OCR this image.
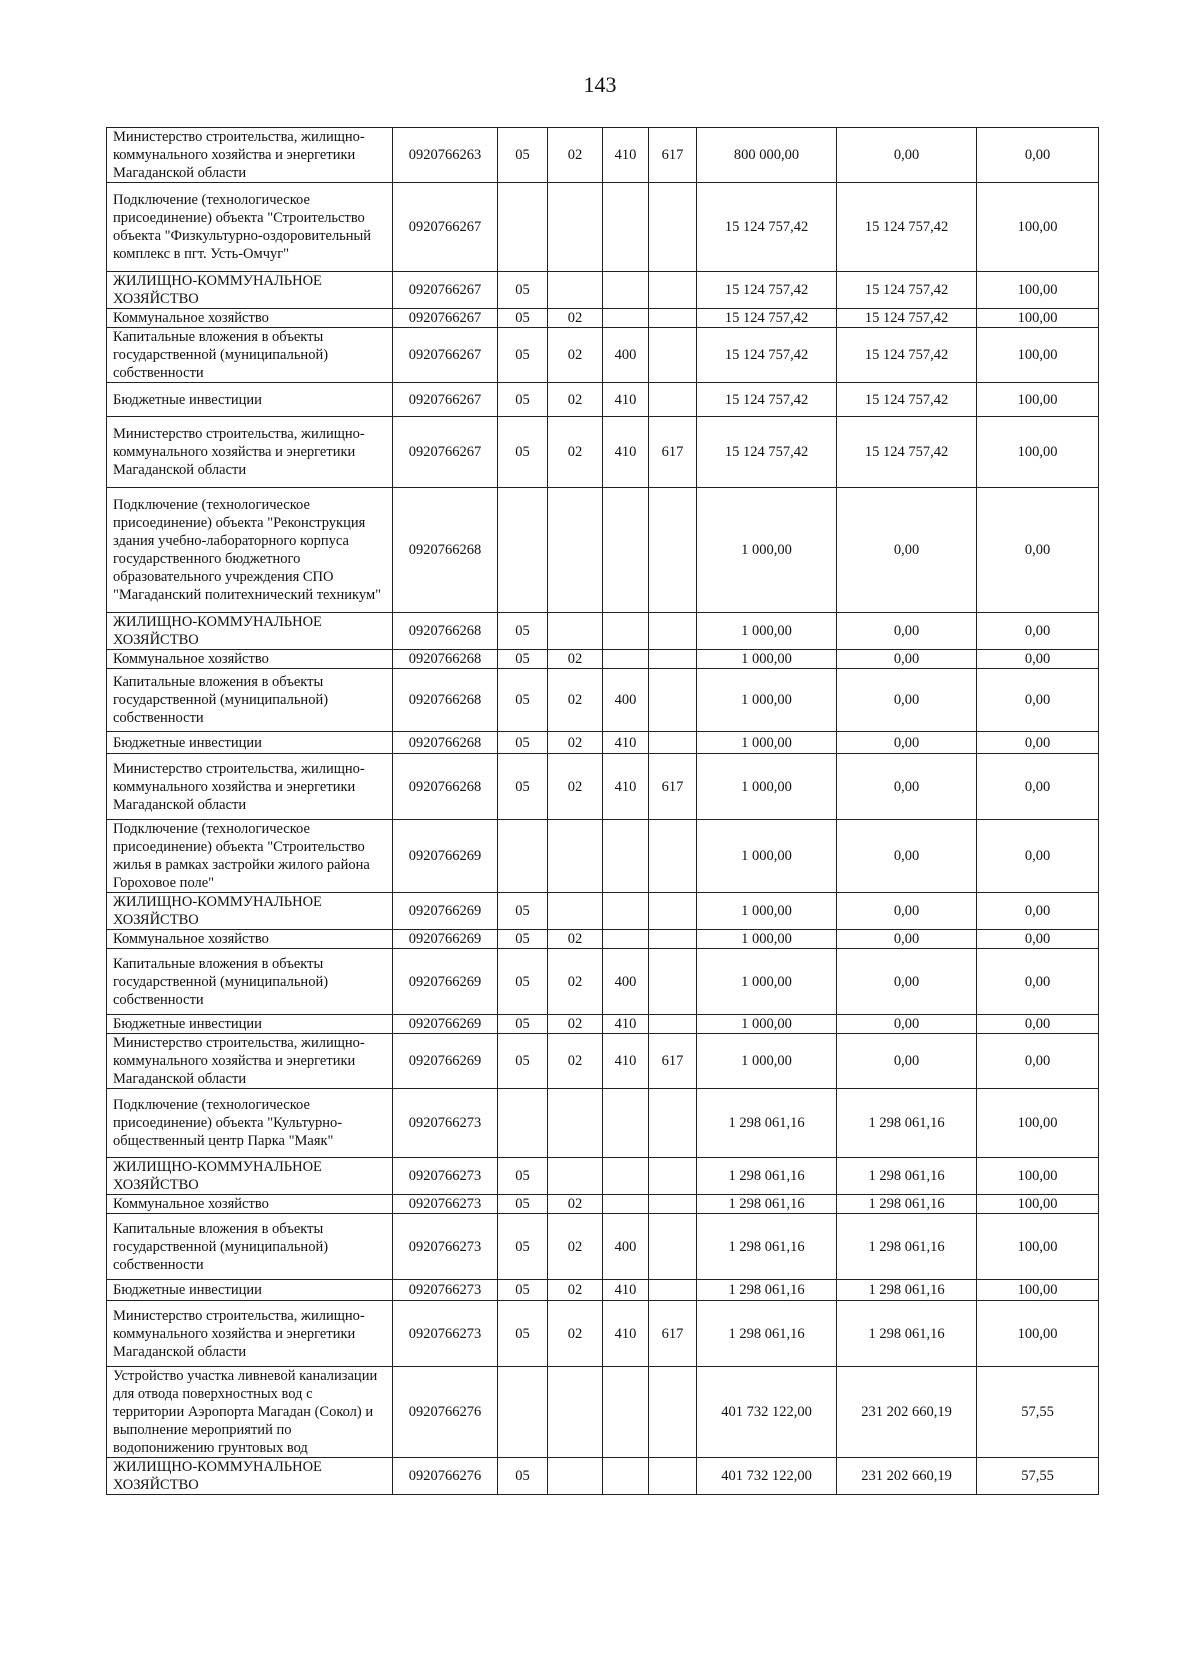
143
Министерство строительства, жилищно-коммунального хозяйства и энергетики Магаданской области	0920766263	05	02	410	617	800 000,00	0,00	0,00
Подключение (технологическое присоединение) объекта "Строительство объекта "Физкультурно-оздоровительный комплекс в пгт. Усть-Омчуг"	0920766267					15 124 757,42	15 124 757,42	100,00
ЖИЛИЩНО-КОММУНАЛЬНОЕ ХОЗЯЙСТВО	0920766267	05				15 124 757,42	15 124 757,42	100,00
Коммунальное хозяйство	0920766267	05	02			15 124 757,42	15 124 757,42	100,00
Капитальные вложения в объекты государственной (муниципальной) собственности	0920766267	05	02	400		15 124 757,42	15 124 757,42	100,00
Бюджетные инвестиции	0920766267	05	02	410		15 124 757,42	15 124 757,42	100,00
Министерство строительства, жилищно-коммунального хозяйства и энергетики Магаданской области	0920766267	05	02	410	617	15 124 757,42	15 124 757,42	100,00
Подключение (технологическое присоединение) объекта "Реконструкция здания учебно-лабораторного корпуса государственного бюджетного образовательного учреждения СПО "Магаданский политехнический техникум"	0920766268					1 000,00	0,00	0,00
ЖИЛИЩНО-КОММУНАЛЬНОЕ ХОЗЯЙСТВО	0920766268	05				1 000,00	0,00	0,00
Коммунальное хозяйство	0920766268	05	02			1 000,00	0,00	0,00
Капитальные вложения в объекты государственной (муниципальной) собственности	0920766268	05	02	400		1 000,00	0,00	0,00
Бюджетные инвестиции	0920766268	05	02	410		1 000,00	0,00	0,00
Министерство строительства, жилищно-коммунального хозяйства и энергетики Магаданской области	0920766268	05	02	410	617	1 000,00	0,00	0,00
Подключение (технологическое присоединение) объекта "Строительство жилья в рамках застройки жилого района Гороховое поле"	0920766269					1 000,00	0,00	0,00
ЖИЛИЩНО-КОММУНАЛЬНОЕ ХОЗЯЙСТВО	0920766269	05				1 000,00	0,00	0,00
Коммунальное хозяйство	0920766269	05	02			1 000,00	0,00	0,00
Капитальные вложения в объекты государственной (муниципальной) собственности	0920766269	05	02	400		1 000,00	0,00	0,00
Бюджетные инвестиции	0920766269	05	02	410		1 000,00	0,00	0,00
Министерство строительства, жилищно-коммунального хозяйства и энергетики Магаданской области	0920766269	05	02	410	617	1 000,00	0,00	0,00
Подключение (технологическое присоединение) объекта "Культурно-общественный центр Парка "Маяк"	0920766273					1 298 061,16	1 298 061,16	100,00
ЖИЛИЩНО-КОММУНАЛЬНОЕ ХОЗЯЙСТВО	0920766273	05				1 298 061,16	1 298 061,16	100,00
Коммунальное хозяйство	0920766273	05	02			1 298 061,16	1 298 061,16	100,00
Капитальные вложения в объекты государственной (муниципальной) собственности	0920766273	05	02	400		1 298 061,16	1 298 061,16	100,00
Бюджетные инвестиции	0920766273	05	02	410		1 298 061,16	1 298 061,16	100,00
Министерство строительства, жилищно-коммунального хозяйства и энергетики Магаданской области	0920766273	05	02	410	617	1 298 061,16	1 298 061,16	100,00
Устройство участка ливневой канализации для отвода поверхностных вод с территории Аэропорта Магадан (Сокол) и выполнение мероприятий по водопонижению грунтовых вод	0920766276					401 732 122,00	231 202 660,19	57,55
ЖИЛИЩНО-КОММУНАЛЬНОЕ ХОЗЯЙСТВО	0920766276	05				401 732 122,00	231 202 660,19	57,55
